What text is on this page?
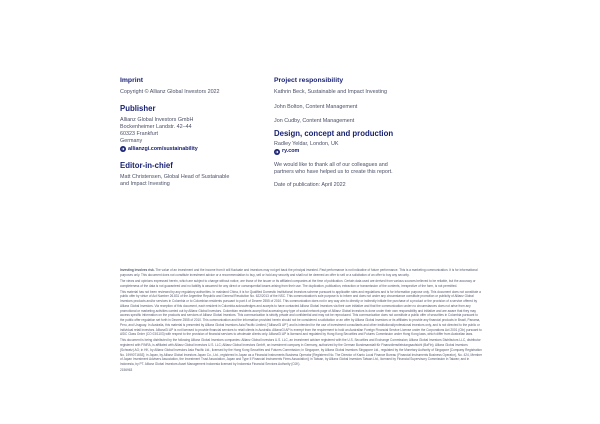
Imprint
Copyright © Allianz Global Investors 2022
Publisher
Allianz Global Investors GmbH
Bockenheimer Landstr. 42–44
60323 Frankfurt
Germany
allianzgi.com/sustainability
Editor-in-chief
Matt Christensen, Global Head of Sustainable
and Impact Investing
Project responsibility
Kathrin Beck, Sustainable and Impact Investing
John Bolton, Content Management
Jon Cudby, Content Management
Design, concept and production
Radley Yeldar, London, UK
ry.com
We would like to thank all of our colleagues and
partners who have helped us to create this report.
Date of publication: April 2022

Investing involves risk. The value of an investment and the income from it will fluctuate and investors may not get back the principal invested. Past performance is not indicative of future performance. This is a marketing communication. It is for informational purposes only. This document does not constitute investment advice or a recommendation to buy, sell or hold any security and shall not be deemed an offer to sell or a solicitation of an offer to buy any security.

The views and opinions expressed herein, which are subject to change without notice, are those of the issuer or its affiliated companies at the time of publication. Certain data used are derived from various sources believed to be reliable, but the accuracy or completeness of the data is not guaranteed and no liability is assumed for any direct or consequential losses arising from their use. The duplication, publication, extraction or transmission of the contents, irrespective of the form, is not permitted.

This material has not been reviewed by any regulatory authorities. In mainland China, it is for Qualified Domestic Institutional Investors scheme pursuant to applicable rules and regulations and is for information purpose only. This document does not constitute a public offer by virtue of Act Number 26.831 of the Argentine Republic and General Resolution No. 622/2013 of the NSC. This communication's sole purpose is to inform and does not under any circumstance constitute promotion or publicity of Allianz Global Investors products and/or services in Colombia or to Colombian residents pursuant to part 4 of Decree 2555 of 2010. This communication does not in any way aim to directly or indirectly initiate the purchase of a product or the provision of a service offered by Allianz Global Investors. Via reception of this document, each resident in Colombia acknowledges and accepts to have contacted Allianz Global Investors via their own initiative and that the communication under no circumstances does not arise from any promotional or marketing activities carried out by Allianz Global Investors. Colombian residents accept that accessing any type of social network page of Allianz Global Investors is done under their own responsibility and initiative and are aware that they may access specific information on the products and services of Allianz Global Investors. This communication is strictly private and confidential and may not be reproduced. This communication does not constitute a public offer of securities in Colombia pursuant to the public offer regulation set forth in Decree 2555 of 2010. This communication and the information provided herein should not be considered a solicitation or an offer by Allianz Global Investors or its affiliates to provide any financial products in Brazil, Panama, Peru, and Uruguay. In Australia, this material is presented by Allianz Global Investors Asia Pacific Limited ("AllianzGI AP") and is intended for the use of investment consultants and other institutional/professional investors only, and is not directed to the public or individual retail investors. AllianzGI AP is not licensed to provide financial services to retail clients in Australia. AllianzGI AP is exempt from the requirement to hold an Australian Foreign Financial Service License under the Corporations Act 2001 (Cth) pursuant to ASIC Class Order (CO 03/1103) with respect to the provision of financial services to wholesale clients only. AllianzGI AP is licensed and regulated by Hong Kong Securities and Futures Commission under Hong Kong laws, which differ from Australian laws.

This document is being distributed by the following Allianz Global Investors companies: Allianz Global Investors U.S. LLC, an investment adviser registered with the U.S. Securities and Exchange Commission; Allianz Global Investors Distributors LLC, distributor registered with FINRA, is affiliated with Allianz Global Investors U.S. LLC; Allianz Global Investors GmbH, an investment company in Germany, authorized by the German Bundesanstalt für Finanzdienstleistungsaufsicht (BaFin); Allianz Global Investors (Schweiz) AG; in HK, by Allianz Global Investors Asia Pacific Ltd., licensed by the Hong Kong Securities and Futures Commission; in Singapore, by Allianz Global Investors Singapore Ltd., regulated by the Monetary Authority of Singapore [Company Registration No. 199907169Z]; in Japan, by Allianz Global Investors Japan Co., Ltd., registered in Japan as a Financial Instruments Business Operator [Registered No. The Director of Kanto Local Finance Bureau (Financial Instruments Business Operator), No. 424, Member of Japan Investment Advisers Association, the Investment Trust Association, Japan and Type II Financial Instruments Firms Association]; in Taiwan, by Allianz Global Investors Taiwan Ltd., licensed by Financial Supervisory Commission in Taiwan; and in Indonesia, by PT. Allianz Global Investors Asset Management Indonesia licensed by Indonesia Financial Services Authority (OJK).

2156963
